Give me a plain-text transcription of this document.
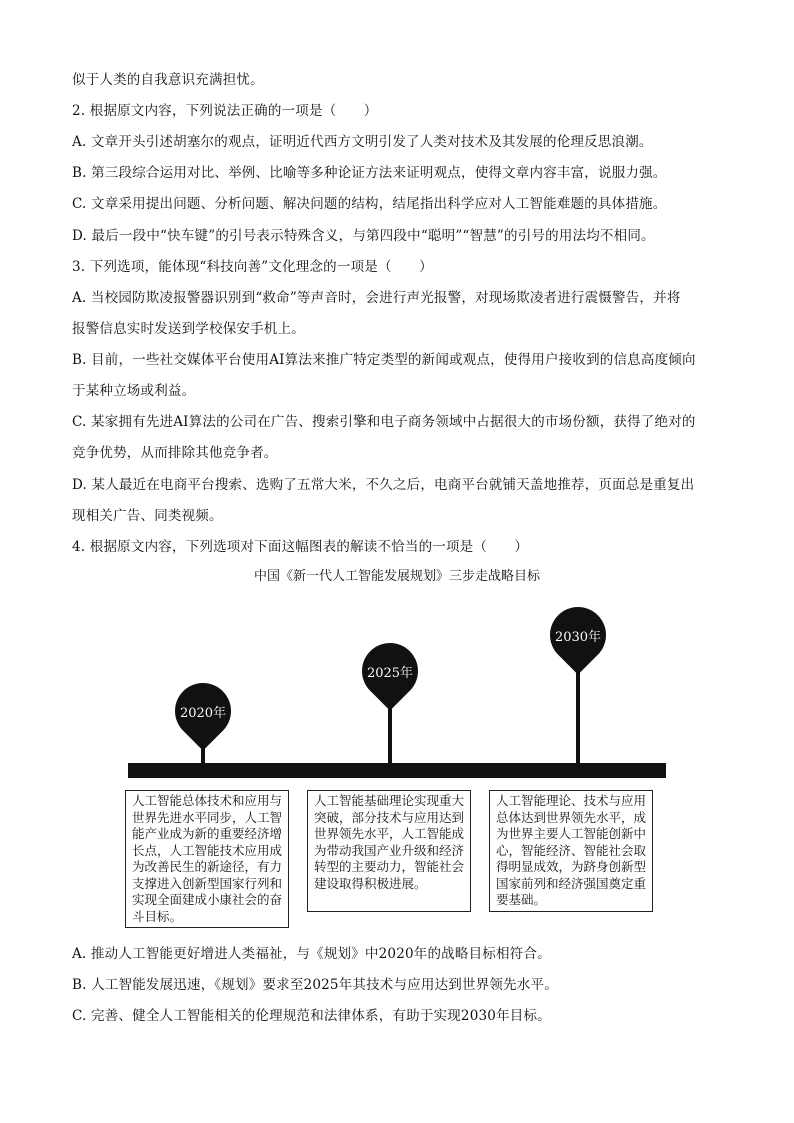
似于人类的自我意识充满担忧。
2. 根据原文内容，下列说法正确的一项是（　　）
A. 文章开头引述胡塞尔的观点，证明近代西方文明引发了人类对技术及其发展的伦理反思浪潮。
B. 第三段综合运用对比、举例、比喻等多种论证方法来证明观点，使得文章内容丰富，说服力强。
C. 文章采用提出问题、分析问题、解决问题的结构，结尾指出科学应对人工智能难题的具体措施。
D. 最后一段中“快车键”的引号表示特殊含义，与第四段中“聪明”“智慧”的引号的用法均不相同。
3. 下列选项，能体现“科技向善”文化理念的一项是（　　）
A. 当校园防欺凌报警器识别到“救命”等声音时，会进行声光报警，对现场欺凌者进行震慑警告，并将
报警信息实时发送到学校保安手机上。
B. 目前，一些社交媒体平台使用AI算法来推广特定类型的新闻或观点，使得用户接收到的信息高度倾向
于某种立场或利益。
C. 某家拥有先进AI算法的公司在广告、搜索引擎和电子商务领域中占据很大的市场份额，获得了绝对的
竞争优势，从而排除其他竞争者。
D. 某人最近在电商平台搜索、选购了五常大米，不久之后，电商平台就铺天盖地推荐，页面总是重复出
现相关广告、同类视频。
4. 根据原文内容，下列选项对下面这幅图表的解读不恰当的一项是（　　）
中国《新一代人工智能发展规划》三步走战略目标
2020年
2025年
2030年
人工智能总体技术和应用与世界先进水平同步，人工智能产业成为新的重要经济增长点，人工智能技术应用成为改善民生的新途径，有力支撑进入创新型国家行列和实现全面建成小康社会的奋斗目标。
人工智能基础理论实现重大突破，部分技术与应用达到世界领先水平，人工智能成为带动我国产业升级和经济转型的主要动力，智能社会建设取得积极进展。
人工智能理论、技术与应用总体达到世界领先水平，成为世界主要人工智能创新中心，智能经济、智能社会取得明显成效，为跻身创新型国家前列和经济强国奠定重要基础。
A. 推动人工智能更好增进人类福祉，与《规划》中2020年的战略目标相符合。
B. 人工智能发展迅速，《规划》要求至2025年其技术与应用达到世界领先水平。
C. 完善、健全人工智能相关的伦理规范和法律体系，有助于实现2030年目标。
